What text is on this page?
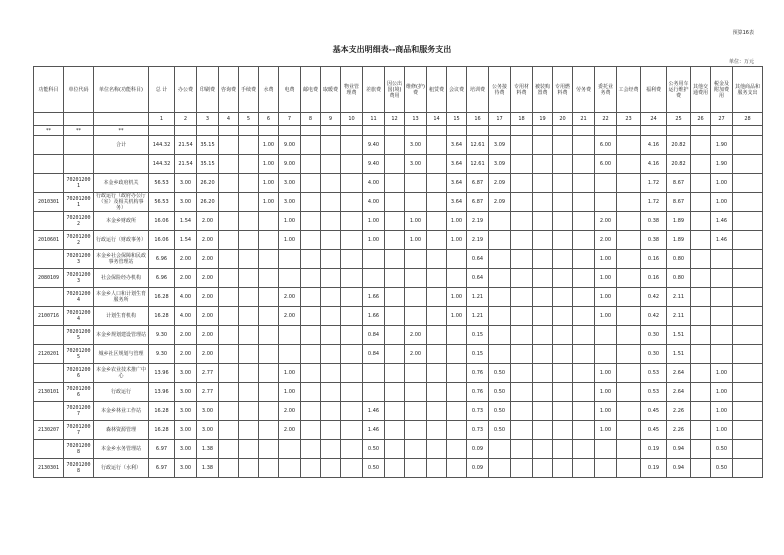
预算16表
基本支出明细表--商品和服务支出
单位：万元
功能科目	单位代码	单位名称(功能科目)	总 计	办公费	印刷费	咨询费	手续费	水费	电费	邮电费	取暖费	物业管理费	差旅费	因公出国(境)费用	维修(护)费	租赁费	会议费	培训费	公务接待费	专用材料费	被装购置费	专用燃料费	劳务费	委托业务费	工会经费	福利费	公务用车运行维护费	其他交通费用	税金及附加费用	其他商品和服务支出	
			1	2	3	4	5	6	7	8	9	10	11	12	13	14	15	16	17	18	19	20	21	22	23	24	25	26	27	28	
**	**	**																													
		合计	144.32	21.54	35.15			1.00	9.00				9.40		3.00		3.64	12.61	3.09					6.00		4.16	20.82		1.90		
			144.32	21.54	35.15			1.00	9.00				9.40		3.00		3.64	12.61	3.09					6.00		4.16	20.82		1.90		
	702012001	本金乡政府机关	56.53	3.00	26.20			1.00	3.00				4.00				3.64	6.87	2.09							1.72	8.67		1.00		
2010301	702012001	行政运行（政府办公厅（室）及相关机构事务）	56.53	3.00	26.20			1.00	3.00				4.00				3.64	6.87	2.09							1.72	8.67		1.00		
	702012002	本金乡财政所	16.06	1.54	2.00				1.00				1.00		1.00		1.00	2.19						2.00		0.38	1.89		1.46		
2010601	702012002	行政运行（财政事务）	16.06	1.54	2.00				1.00				1.00		1.00		1.00	2.19						2.00		0.38	1.89		1.46		
	702012003	本金乡社会保障和民政事务管理站	6.96	2.00	2.00													0.64						1.00		0.16	0.80				
2080109	702012003	社会保险经办机构	6.96	2.00	2.00													0.64						1.00		0.16	0.80				
	702012004	本金乡人口和计划生育服务所	16.28	4.00	2.00				2.00				1.66				1.00	1.21						1.00		0.42	2.11				
2100716	702012004	计划生育机构	16.28	4.00	2.00				2.00				1.66				1.00	1.21						1.00		0.42	2.11				
	702012005	本金乡规划建设管理站	9.30	2.00	2.00								0.84		2.00			0.15								0.30	1.51				
2120201	702012005	城乡社区规划与管理	9.30	2.00	2.00								0.84		2.00			0.15								0.30	1.51				
	702012006	本金乡农业技术推广中心	13.96	3.00	2.77				1.00									0.76	0.50					1.00		0.53	2.64		1.00		
2130101	702012006	行政运行	13.96	3.00	2.77				1.00									0.76	0.50					1.00		0.53	2.64		1.00		
	702012007	本金乡林业工作站	16.28	3.00	3.00				2.00				1.46					0.73	0.50					1.00		0.45	2.26		1.00		
2130207	702012007	森林资源管理	16.28	3.00	3.00				2.00				1.46					0.73	0.50					1.00		0.45	2.26		1.00		
	702012008	本金乡水务管理站	6.97	3.00	1.38								0.50					0.09								0.19	0.94		0.50		
2130301	702012008	行政运行（水利）	6.97	3.00	1.38								0.50					0.09								0.19	0.94		0.50		
